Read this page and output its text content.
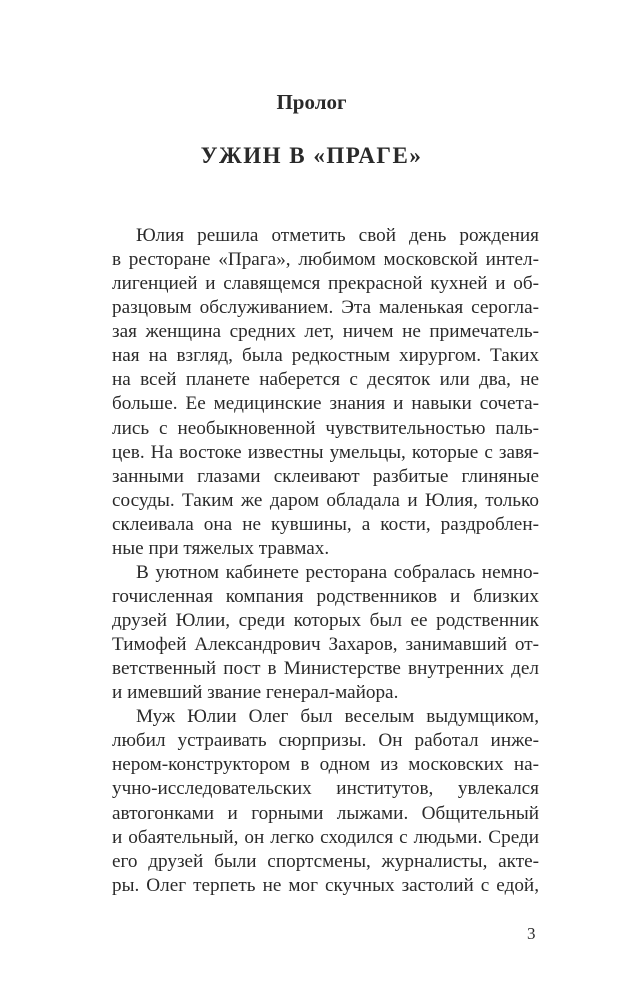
Пролог
УЖИН В «ПРАГЕ»
Юлия решила отметить свой день рождения
в ресторане «Прага», любимом московской интел-
лигенцией и славящемся прекрасной кухней и об-
разцовым обслуживанием. Эта маленькая серогла-
зая женщина средних лет, ничем не примечатель-
ная на взгляд, была редкостным хирургом. Таких
на всей планете наберется с десяток или два, не
больше. Ее медицинские знания и навыки сочета-
лись с необыкновенной чувствительностью паль-
цев. На востоке известны умельцы, которые с завя-
занными глазами склеивают разбитые глиняные
сосуды. Таким же даром обладала и Юлия, только
склеивала она не кувшины, а кости, раздроблен-
ные при тяжелых травмах.
В уютном кабинете ресторана собралась немно-
гочисленная компания родственников и близких
друзей Юлии, среди которых был ее родственник
Тимофей Александрович Захаров, занимавший от-
ветственный пост в Министерстве внутренних дел
и имевший звание генерал-майора.
Муж Юлии Олег был веселым выдумщиком,
любил устраивать сюрпризы. Он работал инже-
нером-конструктором в одном из московских на-
учно-исследовательских институтов, увлекался
автогонками и горными лыжами. Общительный
и обаятельный, он легко сходился с людьми. Среди
его друзей были спортсмены, журналисты, акте-
ры. Олег терпеть не мог скучных застолий с едой,
3
